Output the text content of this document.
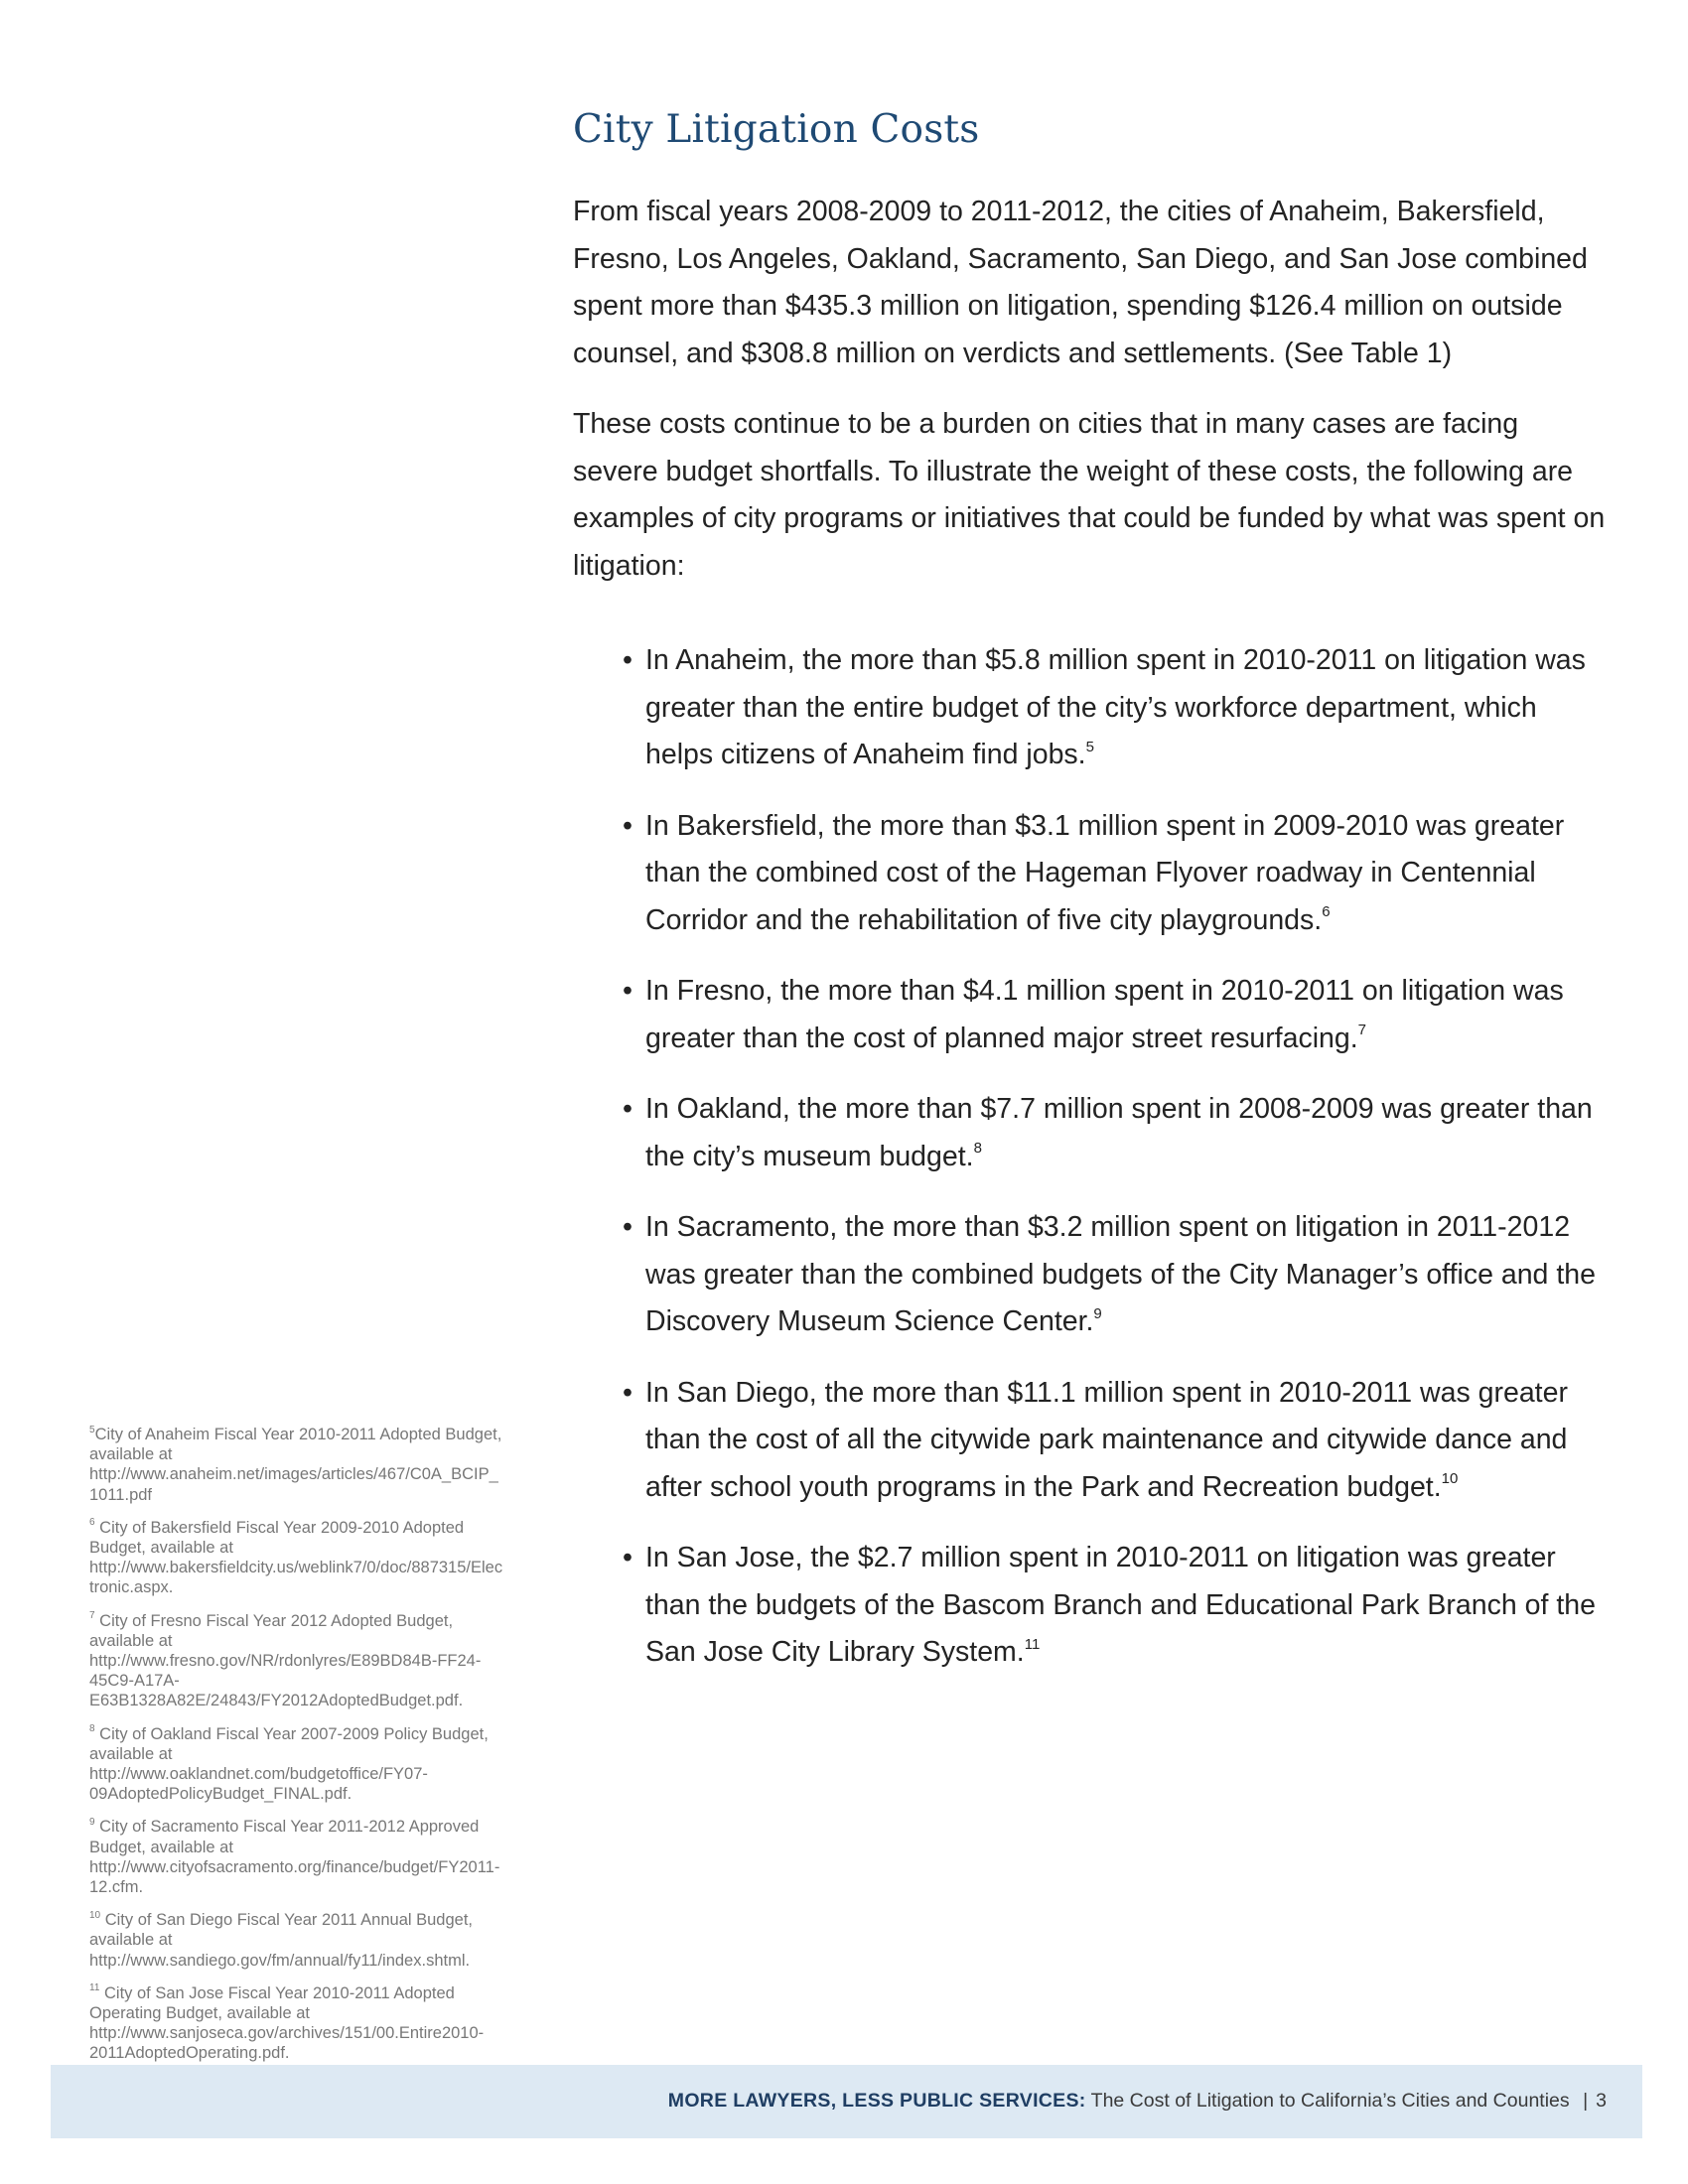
City Litigation Costs

From fiscal years 2008-2009 to 2011-2012, the cities of Anaheim, Bakersfield, Fresno, Los Angeles, Oakland, Sacramento, San Diego, and San Jose combined spent more than $435.3 million on litigation, spending $126.4 million on outside counsel, and $308.8 million on verdicts and settlements. (See Table 1)

These costs continue to be a burden on cities that in many cases are facing severe budget shortfalls. To illustrate the weight of these costs, the following are examples of city programs or initiatives that could be funded by what was spent on litigation:

• In Anaheim, the more than $5.8 million spent in 2010-2011 on litigation was greater than the entire budget of the city’s workforce department, which helps citizens of Anaheim find jobs.$^5$
• In Bakersfield, the more than $3.1 million spent in 2009-2010 was greater than the combined cost of the Hageman Flyover roadway in Centennial Corridor and the rehabilitation of five city playgrounds.$^6$
• In Fresno, the more than $4.1 million spent in 2010-2011 on litigation was greater than the cost of planned major street resurfacing.$^7$
• In Oakland, the more than $7.7 million spent in 2008-2009 was greater than the city’s museum budget.$^8$
• In Sacramento, the more than $3.2 million spent on litigation in 2011-2012 was greater than the combined budgets of the City Manager’s office and the Discovery Museum Science Center.$^9$
• In San Diego, the more than $11.1 million spent in 2010-2011 was greater than the cost of all the citywide park maintenance and citywide dance and after school youth programs in the Park and Recreation budget.$^{10}$
• In San Jose, the $2.7 million spent in 2010-2011 on litigation was greater than the budgets of the Bascom Branch and Educational Park Branch of the San Jose City Library System.$^{11}$

$^5$City of Anaheim Fiscal Year 2010-2011 Adopted Budget, available at http://www.anaheim.net/images/articles/467/C0A_BCIP_1011.pdf

$^6$ City of Bakersfield Fiscal Year 2009-2010 Adopted Budget, available at http://www.bakersfieldcity.us/weblink7/0/doc/887315/Electronic.aspx.

$^7$ City of Fresno Fiscal Year 2012 Adopted Budget, available at http://www.fresno.gov/NR/rdonlyres/E89BD84B-FF24-45C9-A17A-E63B1328A82E/24843/FY2012AdoptedBudget.pdf.

$^8$ City of Oakland Fiscal Year 2007-2009 Policy Budget, available at http://www.oaklandnet.com/budgetoffice/FY07-09AdoptedPolicyBudget_FINAL.pdf.

$^9$ City of Sacramento Fiscal Year 2011-2012 Approved Budget, available at http://www.cityofsacramento.org/finance/budget/FY2011-12.cfm.

$^{10}$ City of San Diego Fiscal Year 2011 Annual Budget, available at http://www.sandiego.gov/fm/annual/fy11/index.shtml.

$^{11}$ City of San Jose Fiscal Year 2010-2011 Adopted Operating Budget, available at http://www.sanjoseca.gov/archives/151/00.Entire2010-2011AdoptedOperating.pdf.

MORE LAWYERS, LESS PUBLIC SERVICES: The Cost of Litigation to California’s Cities and Counties | 3
